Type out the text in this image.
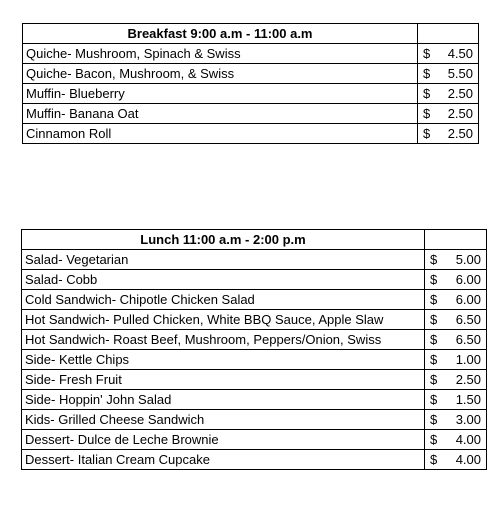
Breakfast 9:00 a.m - 11:00 a.m	
Quiche- Mushroom, Spinach & Swiss	$ 4.50

Quiche- Bacon, Mushroom, & Swiss	$ 5.50

Muffin- Blueberry	$ 2.50

Muffin- Banana Oat	$ 2.50

Cinnamon Roll	$ 2.50
Lunch 11:00 a.m - 2:00 p.m	
Salad- Vegetarian	$ 5.00

Salad- Cobb	$ 6.00

Cold Sandwich- Chipotle Chicken Salad	$ 6.00

Hot Sandwich- Pulled Chicken, White BBQ Sauce, Apple Slaw	$ 6.50

Hot Sandwich- Roast Beef, Mushroom, Peppers/Onion, Swiss	$ 6.50

Side- Kettle Chips	$ 1.00

Side- Fresh Fruit	$ 2.50

Side- Hoppin' John Salad	$ 1.50

Kids- Grilled Cheese Sandwich	$ 3.00

Dessert- Dulce de Leche Brownie	$ 4.00

Dessert- Italian Cream Cupcake	$ 4.00
